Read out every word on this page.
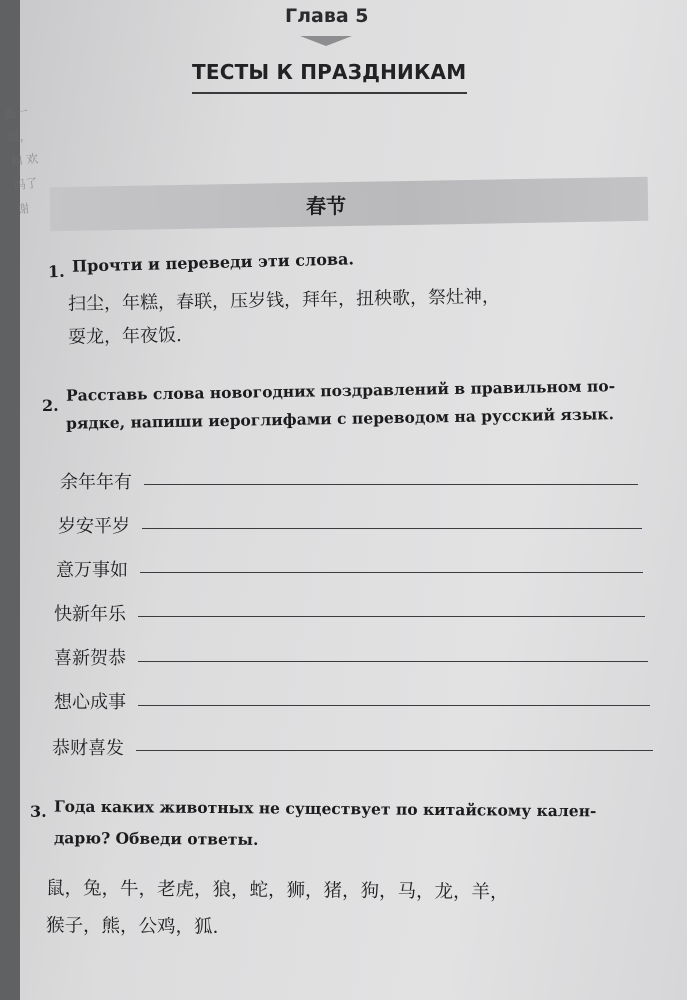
他一 饭，和 欢吗了 谢
Глава 5
ТЕСТЫ К ПРАЗДНИКАМ
春节
1. Прочти и переведи эти слова.
扫尘，年糕，春联，压岁钱，拜年，扭秧歌，祭灶神，
耍龙，年夜饭.
2.
Расставь слова новогодних поздравлений в правильном по-
рядке, напиши иероглифами с переводом на русский язык.
余年年有
岁安平岁
意万事如
快新年乐
喜新贺恭
想心成事
恭财喜发
3. Года каких животных не существует по китайскому кален-
дарю? Обведи ответы.
鼠，兔，牛，老虎，狼，蛇，狮，猪，狗，马，龙，羊，
猴子，熊，公鸡，狐.
